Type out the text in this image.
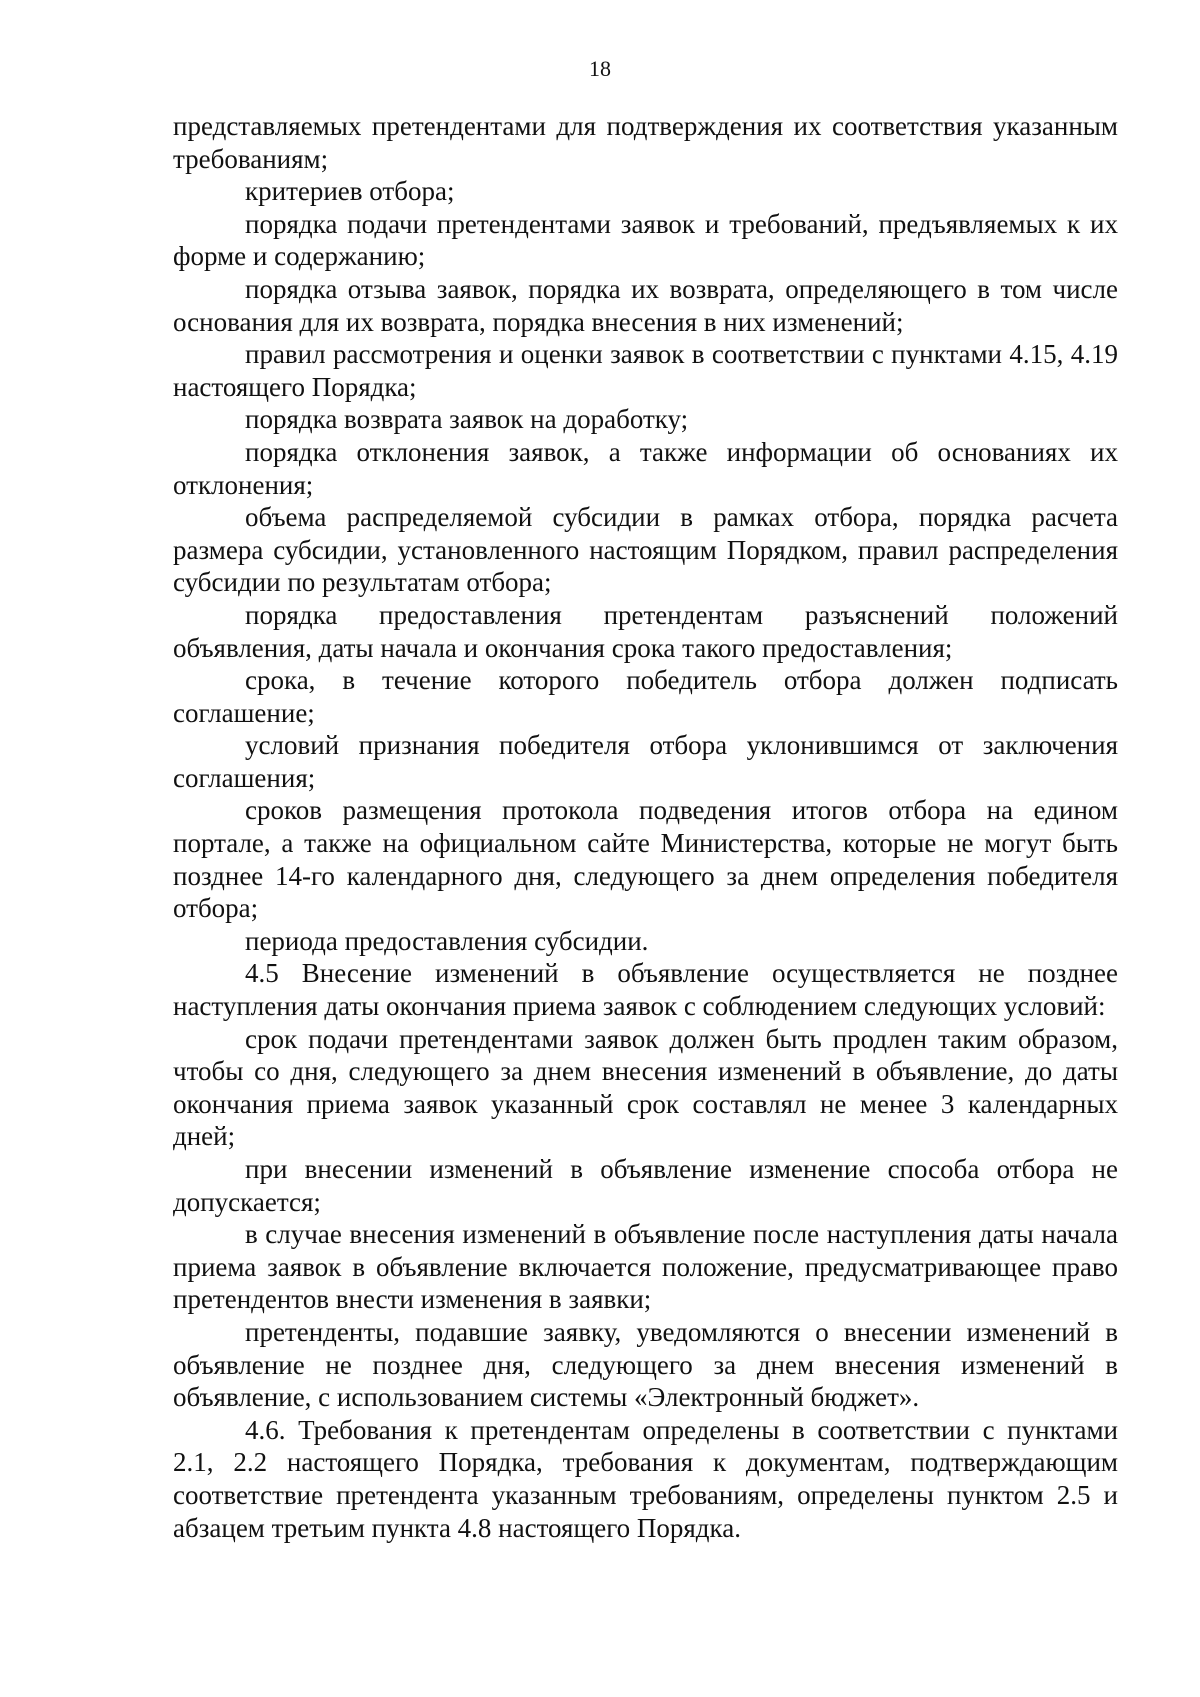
18

представляемых претендентами для подтверждения их соответствия указанным требованиям;

критериев отбора;

порядка подачи претендентами заявок и требований, предъявляемых к их форме и содержанию;

порядка отзыва заявок, порядка их возврата, определяющего в том числе основания для их возврата, порядка внесения в них изменений;

правил рассмотрения и оценки заявок в соответствии с пунктами 4.15, 4.19 настоящего Порядка;

порядка возврата заявок на доработку;

порядка отклонения заявок, а также информации об основаниях их отклонения;

объема распределяемой субсидии в рамках отбора, порядка расчета размера субсидии, установленного настоящим Порядком, правил распределения субсидии по результатам отбора;

порядка предоставления претендентам разъяснений положений объявления, даты начала и окончания срока такого предоставления;

срока, в течение которого победитель отбора должен подписать соглашение;

условий признания победителя отбора уклонившимся от заключения соглашения;

сроков размещения протокола подведения итогов отбора на едином портале, а также на официальном сайте Министерства, которые не могут быть позднее 14-го календарного дня, следующего за днем определения победителя отбора;

периода предоставления субсидии.

4.5 Внесение изменений в объявление осуществляется не позднее наступления даты окончания приема заявок с соблюдением следующих условий:

срок подачи претендентами заявок должен быть продлен таким образом, чтобы со дня, следующего за днем внесения изменений в объявление, до даты окончания приема заявок указанный срок составлял не менее 3 календарных дней;

при внесении изменений в объявление изменение способа отбора не допускается;

в случае внесения изменений в объявление после наступления даты начала приема заявок в объявление включается положение, предусматривающее право претендентов внести изменения в заявки;

претенденты, подавшие заявку, уведомляются о внесении изменений в объявление не позднее дня, следующего за днем внесения изменений в объявление, с использованием системы «Электронный бюджет».

4.6. Требования к претендентам определены в соответствии с пунктами 2.1, 2.2 настоящего Порядка, требования к документам, подтверждающим соответствие претендента указанным требованиям, определены пунктом 2.5 и абзацем третьим пункта 4.8 настоящего Порядка.
